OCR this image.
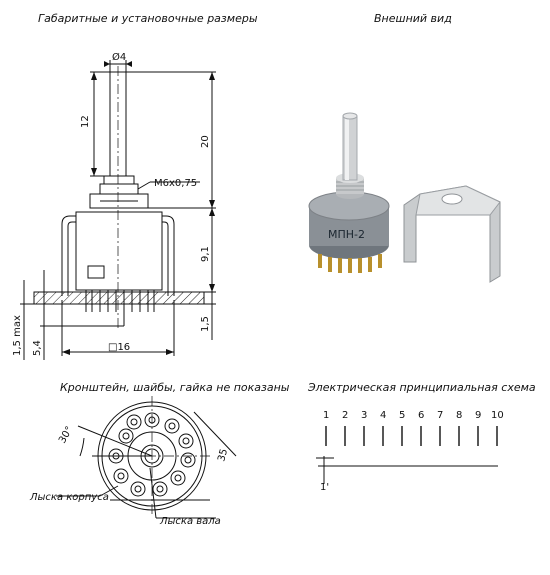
Габаритные и установочные размеры	Внешний вид
Кронштейн, шайбы, гайка не показаны Электрическая принципиальная схема
Ø4
12
20
M6x0,75
9,1
1,5
1,5 max 5,4	□16
МПН-2
30°
35
Лыска корпуса
Лыска вала
1 2 3 4 5 6 7 8 9 10
1'
